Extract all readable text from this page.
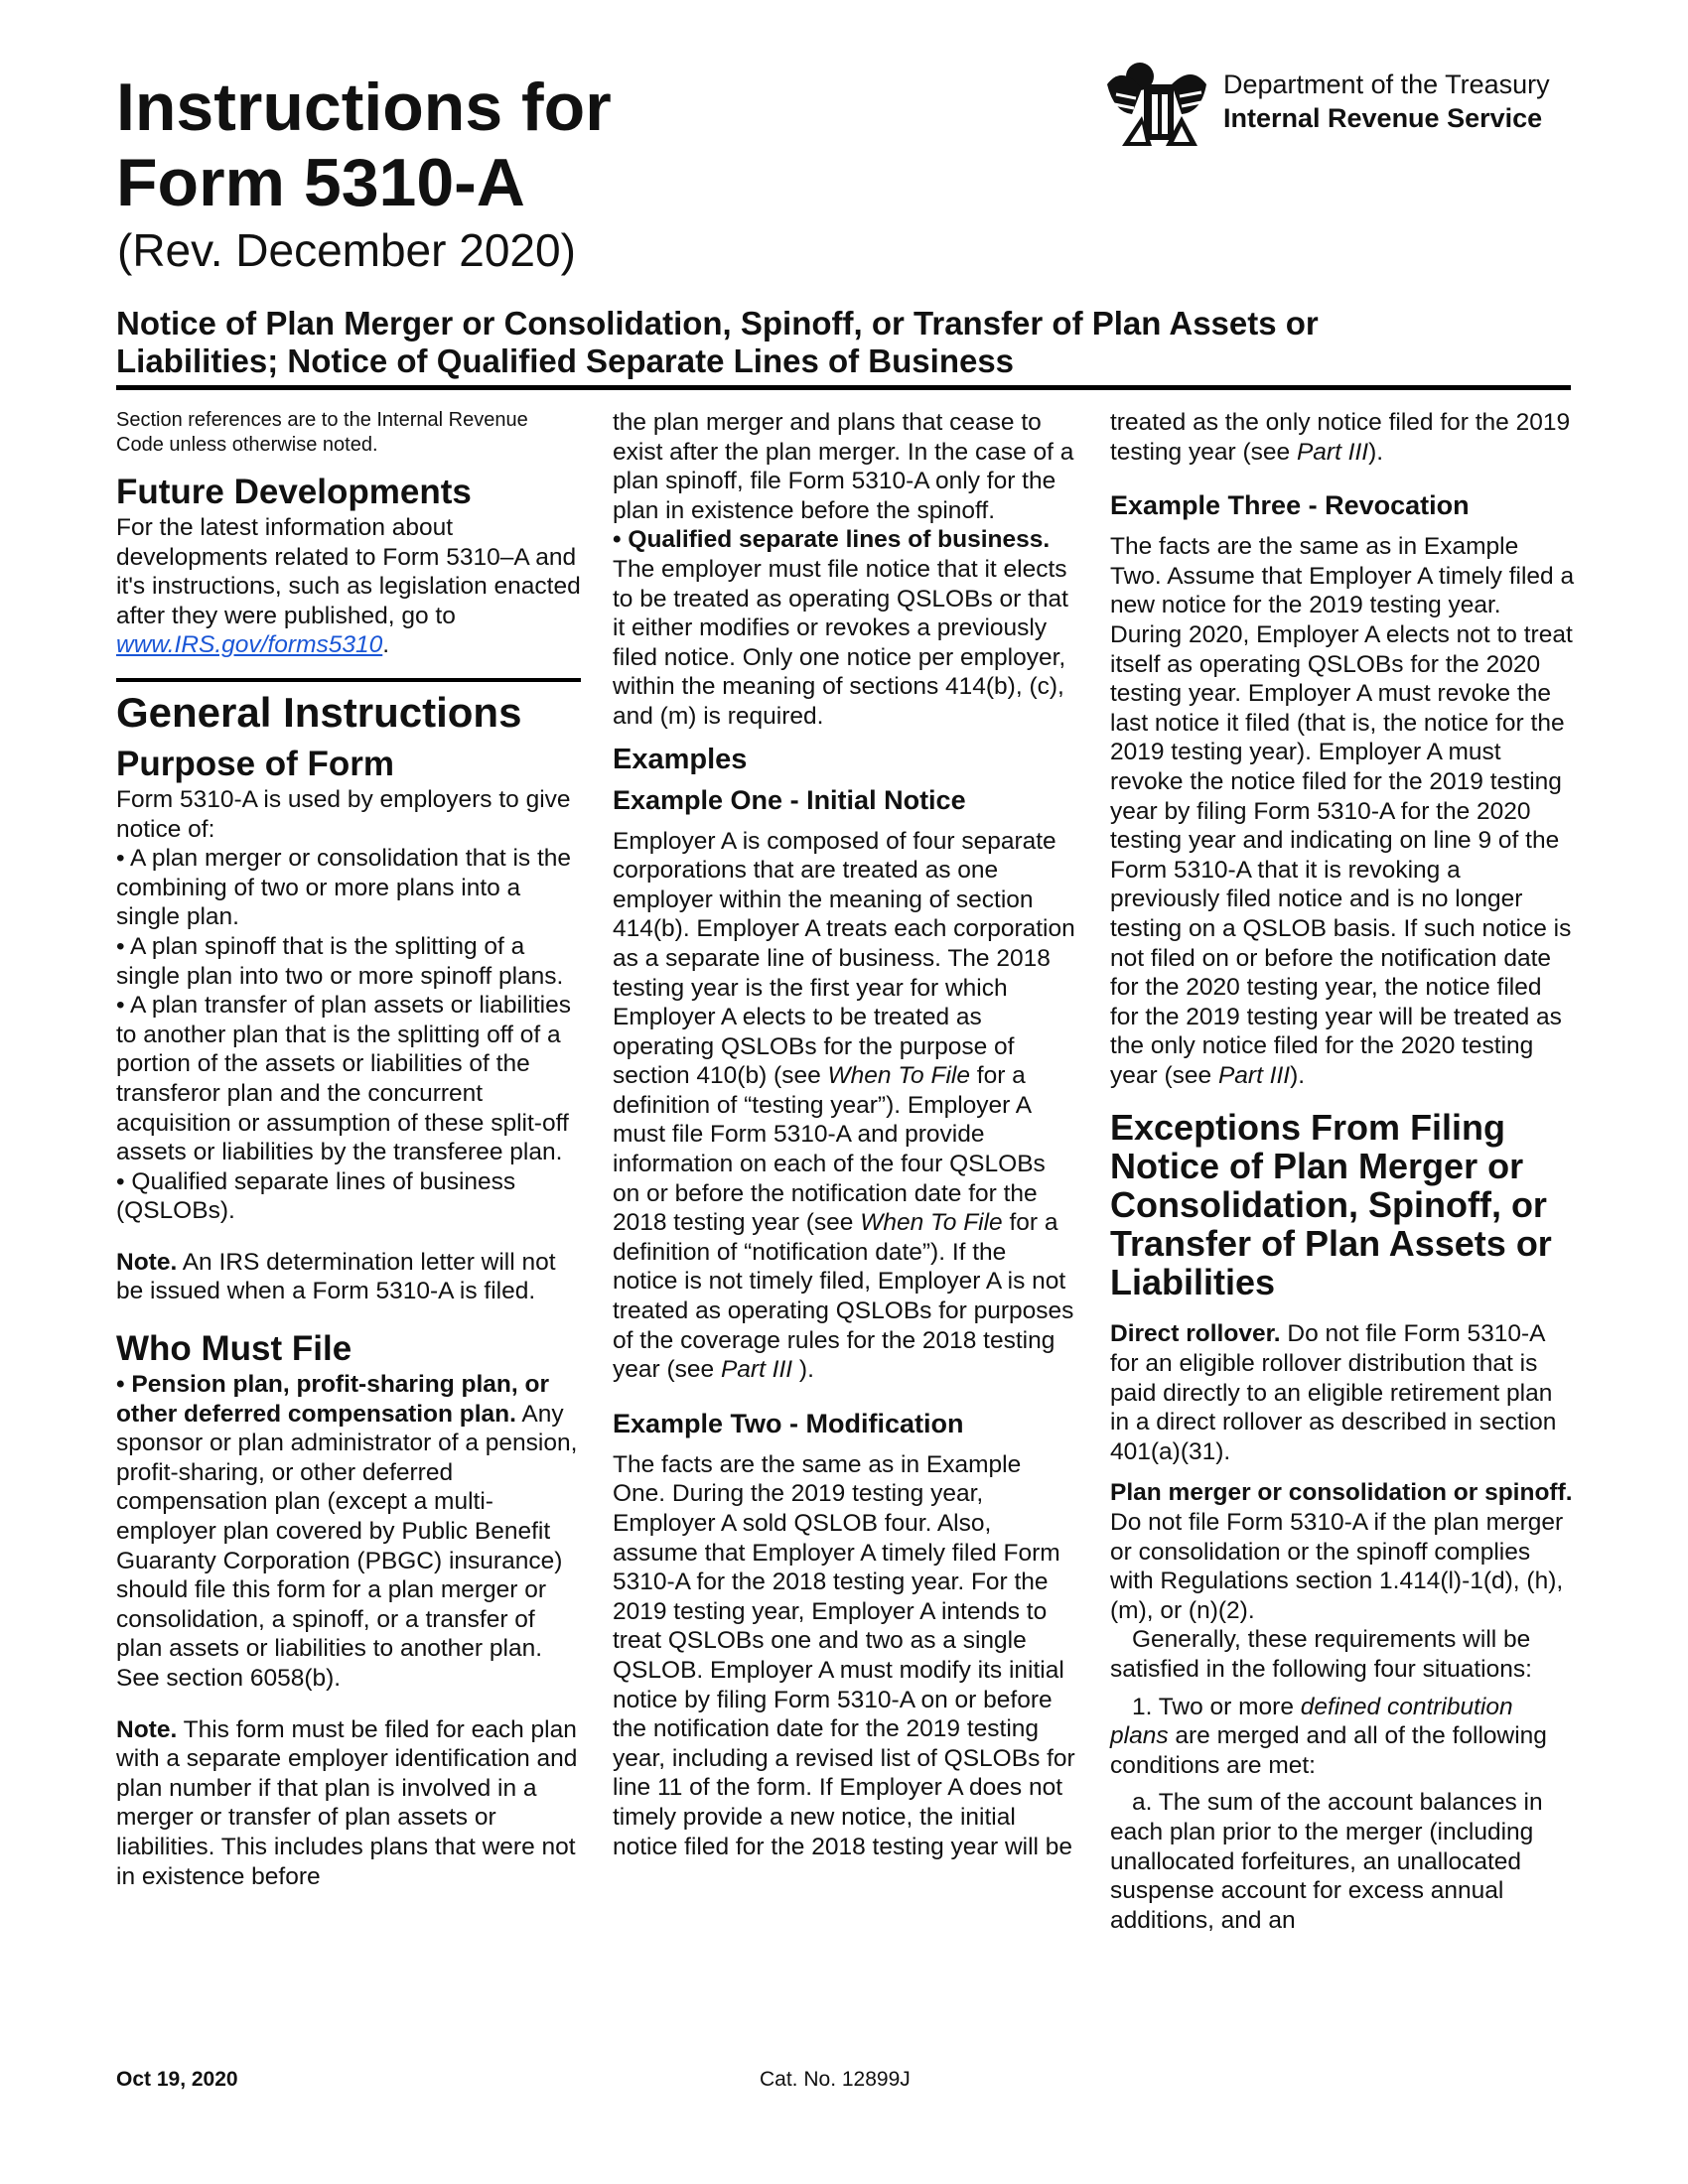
Instructions for
Form 5310-A
(Rev. December 2020)
Department of the Treasury
Internal Revenue Service
Notice of Plan Merger or Consolidation, Spinoff, or Transfer of Plan Assets or
Liabilities; Notice of Qualified Separate Lines of Business

Section references are to the Internal Revenue Code unless otherwise noted.

Future Developments

For the latest information about developments related to Form 5310–A and it's instructions, such as legislation enacted after they were published, go to www.IRS.gov/forms5310.

General Instructions
Purpose of Form

Form 5310-A is used by employers to give notice of:

• A plan merger or consolidation that is the combining of two or more plans into a single plan.

• A plan spinoff that is the splitting of a single plan into two or more spinoff plans.

• A plan transfer of plan assets or liabilities to another plan that is the splitting off of a portion of the assets or liabilities of the transferor plan and the concurrent acquisition or assumption of these split-off assets or liabilities by the transferee plan.

• Qualified separate lines of business (QSLOBs).

Note. An IRS determination letter will not be issued when a Form 5310-A is filed.

Who Must File

• Pension plan, profit-sharing plan, or other deferred compensation plan. Any sponsor or plan administrator of a pension, profit-sharing, or other deferred compensation plan (except a multi-employer plan covered by Public Benefit Guaranty Corporation (PBGC) insurance) should file this form for a plan merger or consolidation, a spinoff, or a transfer of plan assets or liabilities to another plan. See section 6058(b).

Note. This form must be filed for each plan with a separate employer identification and plan number if that plan is involved in a merger or transfer of plan assets or liabilities. This includes plans that were not in existence before

the plan merger and plans that cease to exist after the plan merger. In the case of a plan spinoff, file Form 5310-A only for the plan in existence before the spinoff.

• Qualified separate lines of business. The employer must file notice that it elects to be treated as operating QSLOBs or that it either modifies or revokes a previously filed notice. Only one notice per employer, within the meaning of sections 414(b), (c), and (m) is required.

Examples
Example One - Initial Notice

Employer A is composed of four separate corporations that are treated as one employer within the meaning of section 414(b). Employer A treats each corporation as a separate line of business. The 2018 testing year is the first year for which Employer A elects to be treated as operating QSLOBs for the purpose of section 410(b) (see When To File for a definition of “testing year”). Employer A must file Form 5310-A and provide information on each of the four QSLOBs on or before the notification date for the 2018 testing year (see When To File for a definition of “notification date”). If the notice is not timely filed, Employer A is not treated as operating QSLOBs for purposes of the coverage rules for the 2018 testing year (see Part III ).

Example Two - Modification

The facts are the same as in Example One. During the 2019 testing year, Employer A sold QSLOB four. Also, assume that Employer A timely filed Form 5310-A for the 2018 testing year. For the 2019 testing year, Employer A intends to treat QSLOBs one and two as a single QSLOB. Employer A must modify its initial notice by filing Form 5310-A on or before the notification date for the 2019 testing year, including a revised list of QSLOBs for line 11 of the form. If Employer A does not timely provide a new notice, the initial notice filed for the 2018 testing year will be

treated as the only notice filed for the 2019 testing year (see Part III).

Example Three - Revocation

The facts are the same as in Example Two. Assume that Employer A timely filed a new notice for the 2019 testing year. During 2020, Employer A elects not to treat itself as operating QSLOBs for the 2020 testing year. Employer A must revoke the last notice it filed (that is, the notice for the 2019 testing year). Employer A must revoke the notice filed for the 2019 testing year by filing Form 5310-A for the 2020 testing year and indicating on line 9 of the Form 5310-A that it is revoking a previously filed notice and is no longer testing on a QSLOB basis. If such notice is not filed on or before the notification date for the 2020 testing year, the notice filed for the 2019 testing year will be treated as the only notice filed for the 2020 testing year (see Part III).

Exceptions From Filing Notice of Plan Merger or Consolidation, Spinoff, or Transfer of Plan Assets or Liabilities

Direct rollover. Do not file Form 5310-A for an eligible rollover distribution that is paid directly to an eligible retirement plan in a direct rollover as described in section 401(a)(31).

Plan merger or consolidation or spinoff. Do not file Form 5310-A if the plan merger or consolidation or the spinoff complies with Regulations section 1.414(l)-1(d), (h), (m), or (n)(2).

Generally, these requirements will be satisfied in the following four situations:

1. Two or more defined contribution plans are merged and all of the following conditions are met:

a. The sum of the account balances in each plan prior to the merger (including unallocated forfeitures, an unallocated suspense account for excess annual additions, and an

Oct 19, 2020	Cat. No. 12899J
